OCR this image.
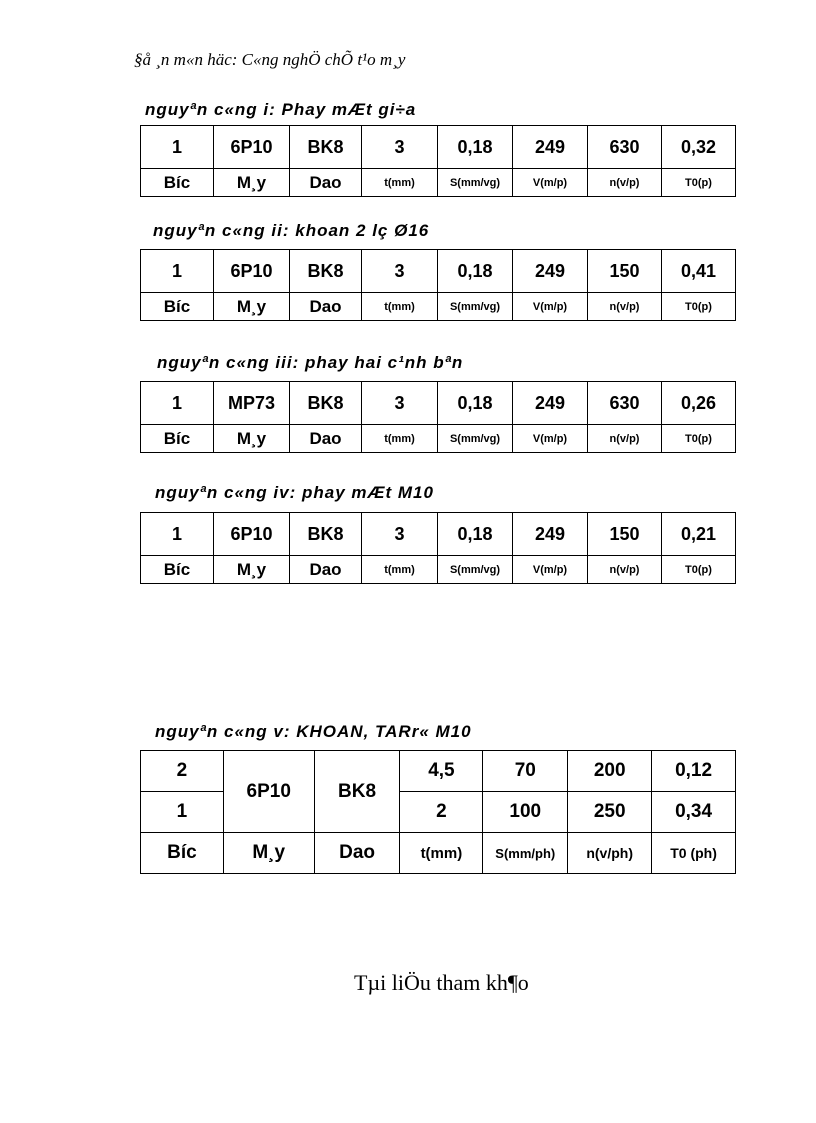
§å ¸n m«n häc: C«ng nghÖ chÕ t¹o m¸y
nguyªn c«ng i: Phay mÆt gi÷a
1	6P10	BK8	3	0,18	249	630	0,32
Bíc	M¸y	Dao	t(mm)	S(mm/vg)	V(m/p)	n(v/p)	T0(p)
nguyªn c«ng ii: khoan 2 lç Ø16
1	6P10	BK8	3	0,18	249	150	0,41
Bíc	M¸y	Dao	t(mm)	S(mm/vg)	V(m/p)	n(v/p)	T0(p)
nguyªn c«ng iii: phay hai c¹nh bªn
1	MP73	BK8	3	0,18	249	630	0,26
Bíc	M¸y	Dao	t(mm)	S(mm/vg)	V(m/p)	n(v/p)	T0(p)
nguyªn c«ng iv: phay mÆt M10
1	6P10	BK8	3	0,18	249	150	0,21
Bíc	M¸y	Dao	t(mm)	S(mm/vg)	V(m/p)	n(v/p)	T0(p)
nguyªn c«ng v: KHOAN, TARr« M10
2	6P10	BK8	4,5	70	200	0,12
1			2	100	250	0,34
Bíc	M¸y	Dao	t(mm)	S(mm/ph)	n(v/ph)	T0 (ph)
Tµi liÖu tham kh¶o
